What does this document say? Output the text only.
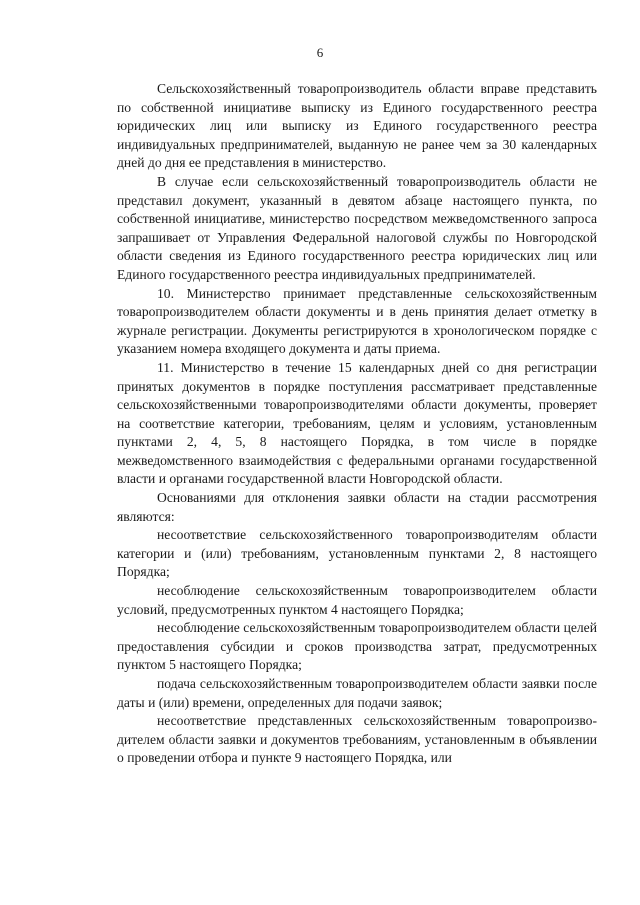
6

Сельскохозяйственный товаропроизводитель области вправе представить по собственной инициативе выписку из Единого государственного реестра юридических лиц или выписку из Единого государственного реестра индивидуальных предпринимателей, выданную не ранее чем за 30 календарных дней до дня ее представления в министерство.

В случае если сельскохозяйственный товаропроизводитель области не представил документ, указанный в девятом абзаце настоящего пункта, по собственной инициативе, министерство посредством межведомственного запроса запрашивает от Управления Федеральной налоговой службы по Новгородской области сведения из Единого государственного реестра юридических лиц или Единого государственного реестра индивидуальных предпринимателей.

10. Министерство принимает представленные сельскохозяйственным товаропроизводителем области документы и в день принятия делает отметку в журнале регистрации. Документы регистрируются в хронологическом порядке с указанием номера входящего документа и даты приема.

11. Министерство в течение 15 календарных дней со дня регистрации принятых документов в порядке поступления рассматривает представленные сельскохозяйственными товаропроизводителями области документы, проверяет на соответствие категории, требованиям, целям и условиям, установленным пунктами 2, 4, 5, 8 настоящего Порядка, в том числе в порядке межведомственного взаимодействия с федеральными органами государственной власти и органами государственной власти Новгородской области.

Основаниями для отклонения заявки области на стадии рассмотрения являются:

несоответствие сельскохозяйственного товаропроизводителям области категории и (или) требованиям, установленным пунктами 2, 8 настоящего Порядка;

несоблюдение сельскохозяйственным товаропроизводителем области условий, предусмотренных пунктом 4 настоящего Порядка;

несоблюдение сельскохозяйственным товаропроизводителем области целей предоставления субсидии и сроков производства затрат, предусмотренных пунктом 5 настоящего Порядка;

подача сельскохозяйственным товаропроизводителем области заявки после даты и (или) времени, определенных для подачи заявок;

несоответствие представленных сельскохозяйственным товаропроизводителем области заявки и документов требованиям, установленным в объявлении о проведении отбора и пункте 9 настоящего Порядка, или
